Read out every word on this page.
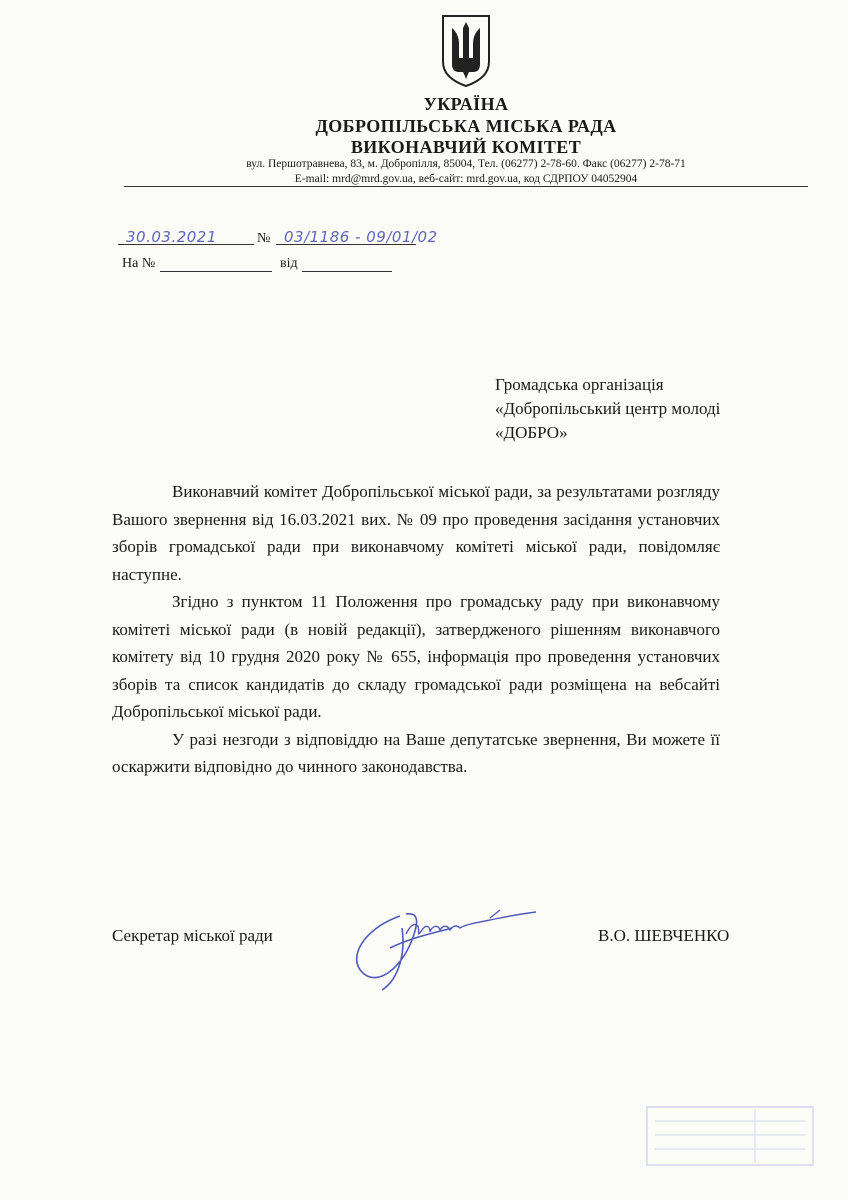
УКРАЇНА
ДОБРОПІЛЬСЬКА МІСЬКА РАДА
ВИКОНАВЧИЙ КОМІТЕТ
вул. Першотравнева, 83, м. Добропілля, 85004, Тел. (06277) 2-78-60. Факс (06277) 2-78-71
E-mail: mrd@mrd.gov.ua, веб-сайт: mrd.gov.ua, код СДРПОУ 04052904
30.03.2021	№ 03/1186 - 09/01/02
На №	від
Громадська організація
«Добропільський центр молоді
«ДОБРО»

Виконавчий комітет Добропільської міської ради, за результатами розгляду Вашого звернення від 16.03.2021 вих. № 09 про проведення засідання установчих зборів громадської ради при виконавчому комітеті міської ради, повідомляє наступне.

Згідно з пунктом 11 Положення про громадську раду при виконавчому комітеті міської ради (в новій редакції), затвердженого рішенням виконавчого комітету від 10 грудня 2020 року № 655, інформація про проведення установчих зборів та список кандидатів до складу громадської ради розміщена на вебсайті Добропільської міської ради.

У разі незгоди з відповіддю на Ваше депутатське звернення, Ви можете її оскаржити відповідно до чинного законодавства.

Секретар міської ради	В.О. ШЕВЧЕНКО
